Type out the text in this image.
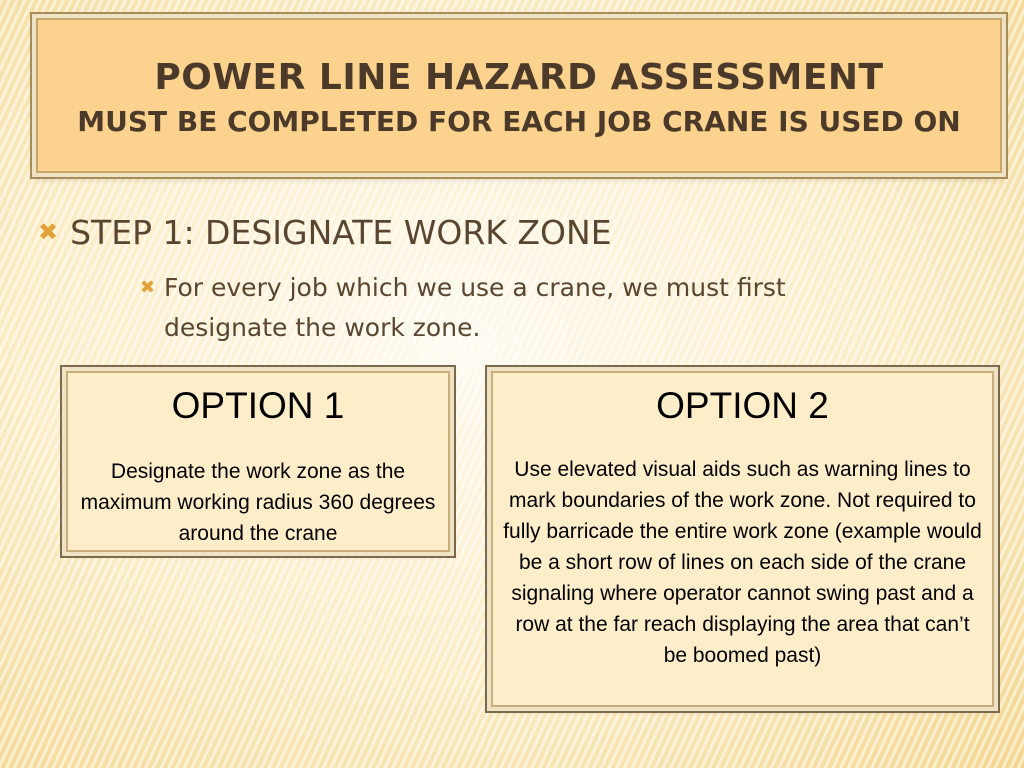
POWER LINE HAZARD ASSESSMENT
MUST BE COMPLETED FOR EACH JOB CRANE IS USED ON
✖ STEP 1: DESIGNATE WORK ZONE
✖ For every job which we use a crane, we must first designate the work zone.
OPTION 1
Designate the work zone as the maximum working radius 360 degrees around the crane
OPTION 2
Use elevated visual aids such as warning lines to mark boundaries of the work zone. Not required to fully barricade the entire work zone (example would be a short row of lines on each side of the crane signaling where operator cannot swing past and a row at the far reach displaying the area that can’t be boomed past)
